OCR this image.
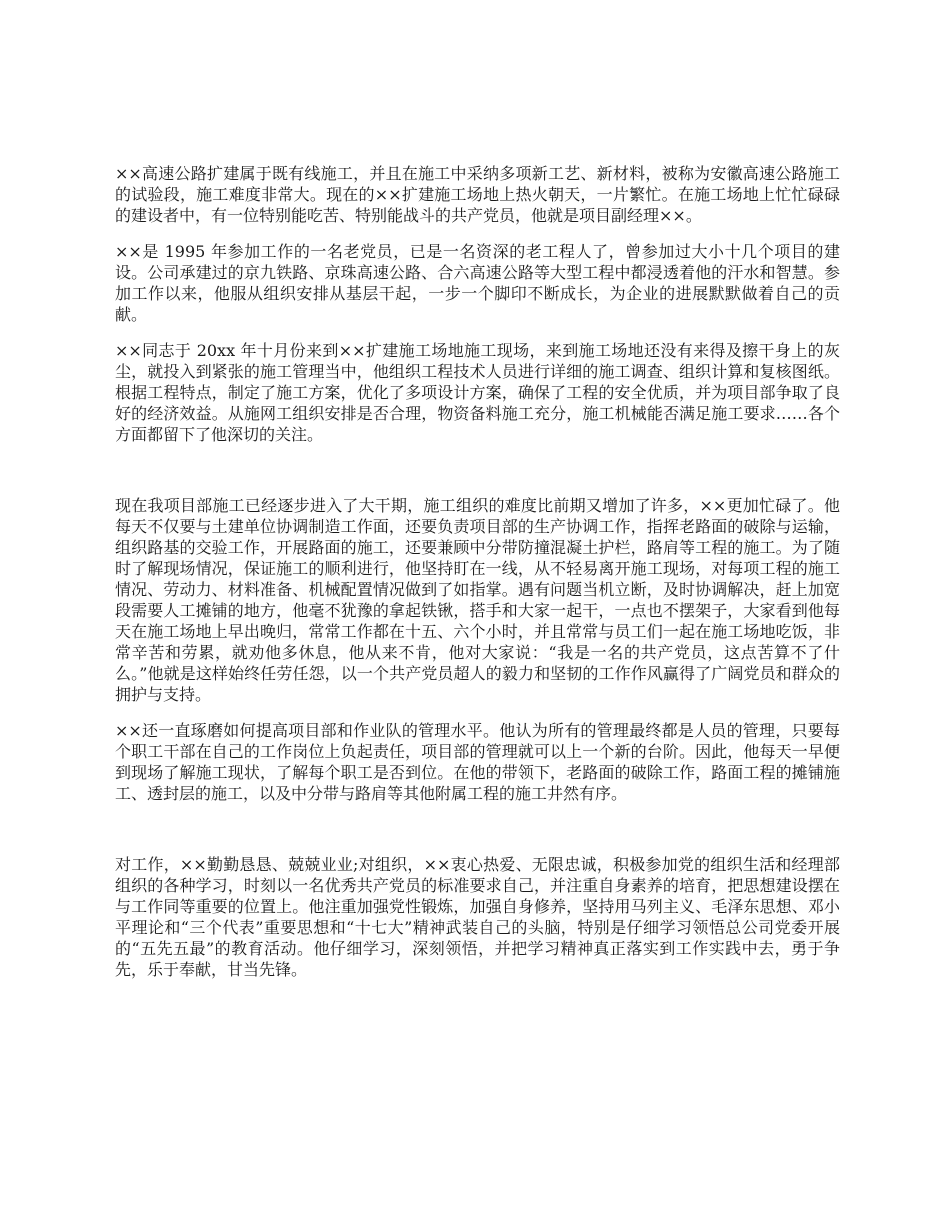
××高速公路扩建属于既有线施工，并且在施工中采纳多项新工艺、新材料，被称为安徽高速公路施工的试验段，施工难度非常大。现在的××扩建施工场地上热火朝天，一片繁忙。在施工场地上忙忙碌碌的建设者中，有一位特别能吃苦、特别能战斗的共产党员，他就是项目副经理××。

××是 1995 年参加工作的一名老党员，已是一名资深的老工程人了，曾参加过大小十几个项目的建设。公司承建过的京九铁路、京珠高速公路、合六高速公路等大型工程中都浸透着他的汗水和智慧。参加工作以来，他服从组织安排从基层干起，一步一个脚印不断成长，为企业的进展默默做着自己的贡献。

××同志于 20xx 年十月份来到××扩建施工场地施工现场，来到施工场地还没有来得及擦干身上的灰尘，就投入到紧张的施工管理当中，他组织工程技术人员进行详细的施工调查、组织计算和复核图纸。根据工程特点，制定了施工方案，优化了多项设计方案，确保了工程的安全优质，并为项目部争取了良好的经济效益。从施网工组织安排是否合理，物资备料施工充分，施工机械能否满足施工要求……各个方面都留下了他深切的关注。

现在我项目部施工已经逐步进入了大干期，施工组织的难度比前期又增加了许多，××更加忙碌了。他每天不仅要与土建单位协调制造工作面，还要负责项目部的生产协调工作，指挥老路面的破除与运输，组织路基的交验工作，开展路面的施工，还要兼顾中分带防撞混凝土护栏，路肩等工程的施工。为了随时了解现场情况，保证施工的顺利进行，他坚持盯在一线，从不轻易离开施工现场，对每项工程的施工情况、劳动力、材料准备、机械配置情况做到了如指掌。遇有问题当机立断，及时协调解决，赶上加宽段需要人工摊铺的地方，他毫不犹豫的拿起铁锹，搭手和大家一起干，一点也不摆架子，大家看到他每天在施工场地上早出晚归，常常工作都在十五、六个小时，并且常常与员工们一起在施工场地吃饭，非常辛苦和劳累，就劝他多休息，他从来不肯，他对大家说：“我是一名的共产党员，这点苦算不了什么。”他就是这样始终任劳任怨，以一个共产党员超人的毅力和坚韧的工作作风赢得了广阔党员和群众的拥护与支持。

××还一直琢磨如何提高项目部和作业队的管理水平。他认为所有的管理最终都是人员的管理，只要每个职工干部在自己的工作岗位上负起责任，项目部的管理就可以上一个新的台阶。因此，他每天一早便到现场了解施工现状，了解每个职工是否到位。在他的带领下，老路面的破除工作，路面工程的摊铺施工、透封层的施工，以及中分带与路肩等其他附属工程的施工井然有序。

对工作，××勤勤恳恳、兢兢业业;对组织，××衷心热爱、无限忠诚，积极参加党的组织生活和经理部组织的各种学习，时刻以一名优秀共产党员的标准要求自己，并注重自身素养的培育，把思想建设摆在与工作同等重要的位置上。他注重加强党性锻炼，加强自身修养，坚持用马列主义、毛泽东思想、邓小平理论和“三个代表”重要思想和“十七大”精神武装自己的头脑，特别是仔细学习领悟总公司党委开展的“五先五最”的教育活动。他仔细学习，深刻领悟，并把学习精神真正落实到工作实践中去，勇于争先，乐于奉献，甘当先锋。
